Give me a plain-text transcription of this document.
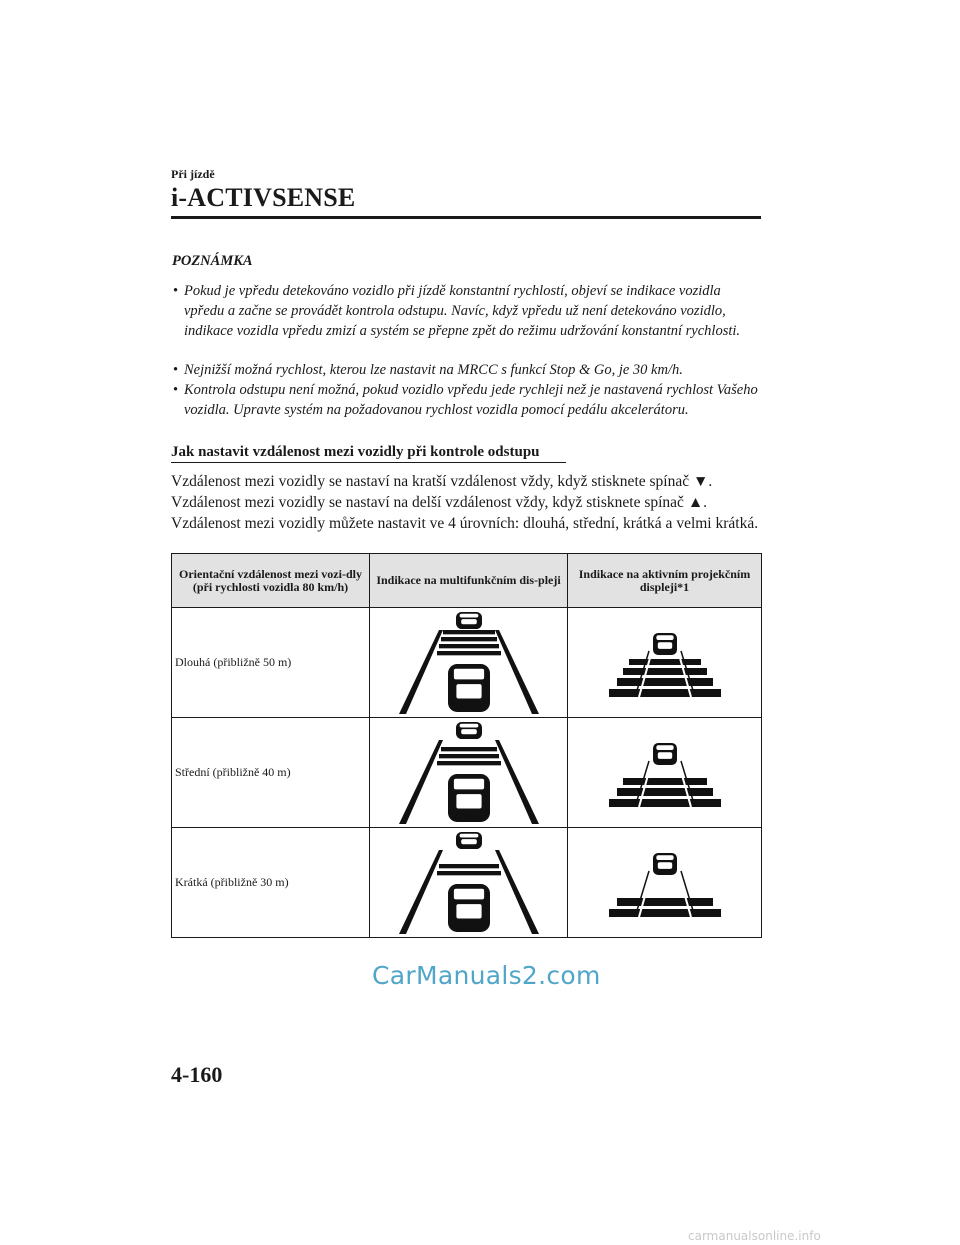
Při jízdě
i-ACTIVSENSE
POZNÁMKA
• Pokud je vpředu detekováno vozidlo při jízdě konstantní rychlostí, objeví se indikace vozidla vpředu a začne se provádět kontrola odstupu. Navíc, když vpředu už není detekováno vozidlo, indikace vozidla vpředu zmizí a systém se přepne zpět do režimu udržování konstantní rychlosti.
• Nejnižší možná rychlost, kterou lze nastavit na MRCC s funkcí Stop & Go, je 30 km/h.
• Kontrola odstupu není možná, pokud vozidlo vpředu jede rychleji než je nastavená rychlost Vašeho vozidla. Upravte systém na požadovanou rychlost vozidla pomocí pedálu akcelerátoru.
Jak nastavit vzdálenost mezi vozidly při kontrole odstupu
Vzdálenost mezi vozidly se nastaví na kratší vzdálenost vždy, když stisknete spínač ▼.
Vzdálenost mezi vozidly se nastaví na delší vzdálenost vždy, když stisknete spínač ▲.
Vzdálenost mezi vozidly můžete nastavit ve 4 úrovních: dlouhá, střední, krátká a velmi krátká.
Orientační vzdálenost mezi vozi-dly (při rychlosti vozidla 80 km/h)	Indikace na multifunkčním dis-pleji	Indikace na aktivním projekčním displeji*1
Dlouhá (přibližně 50 m)	

Střední (přibližně 40 m)	

Krátká (přibližně 30 m)	

CarManuals2.com
4-160
carmanualsonline.info
